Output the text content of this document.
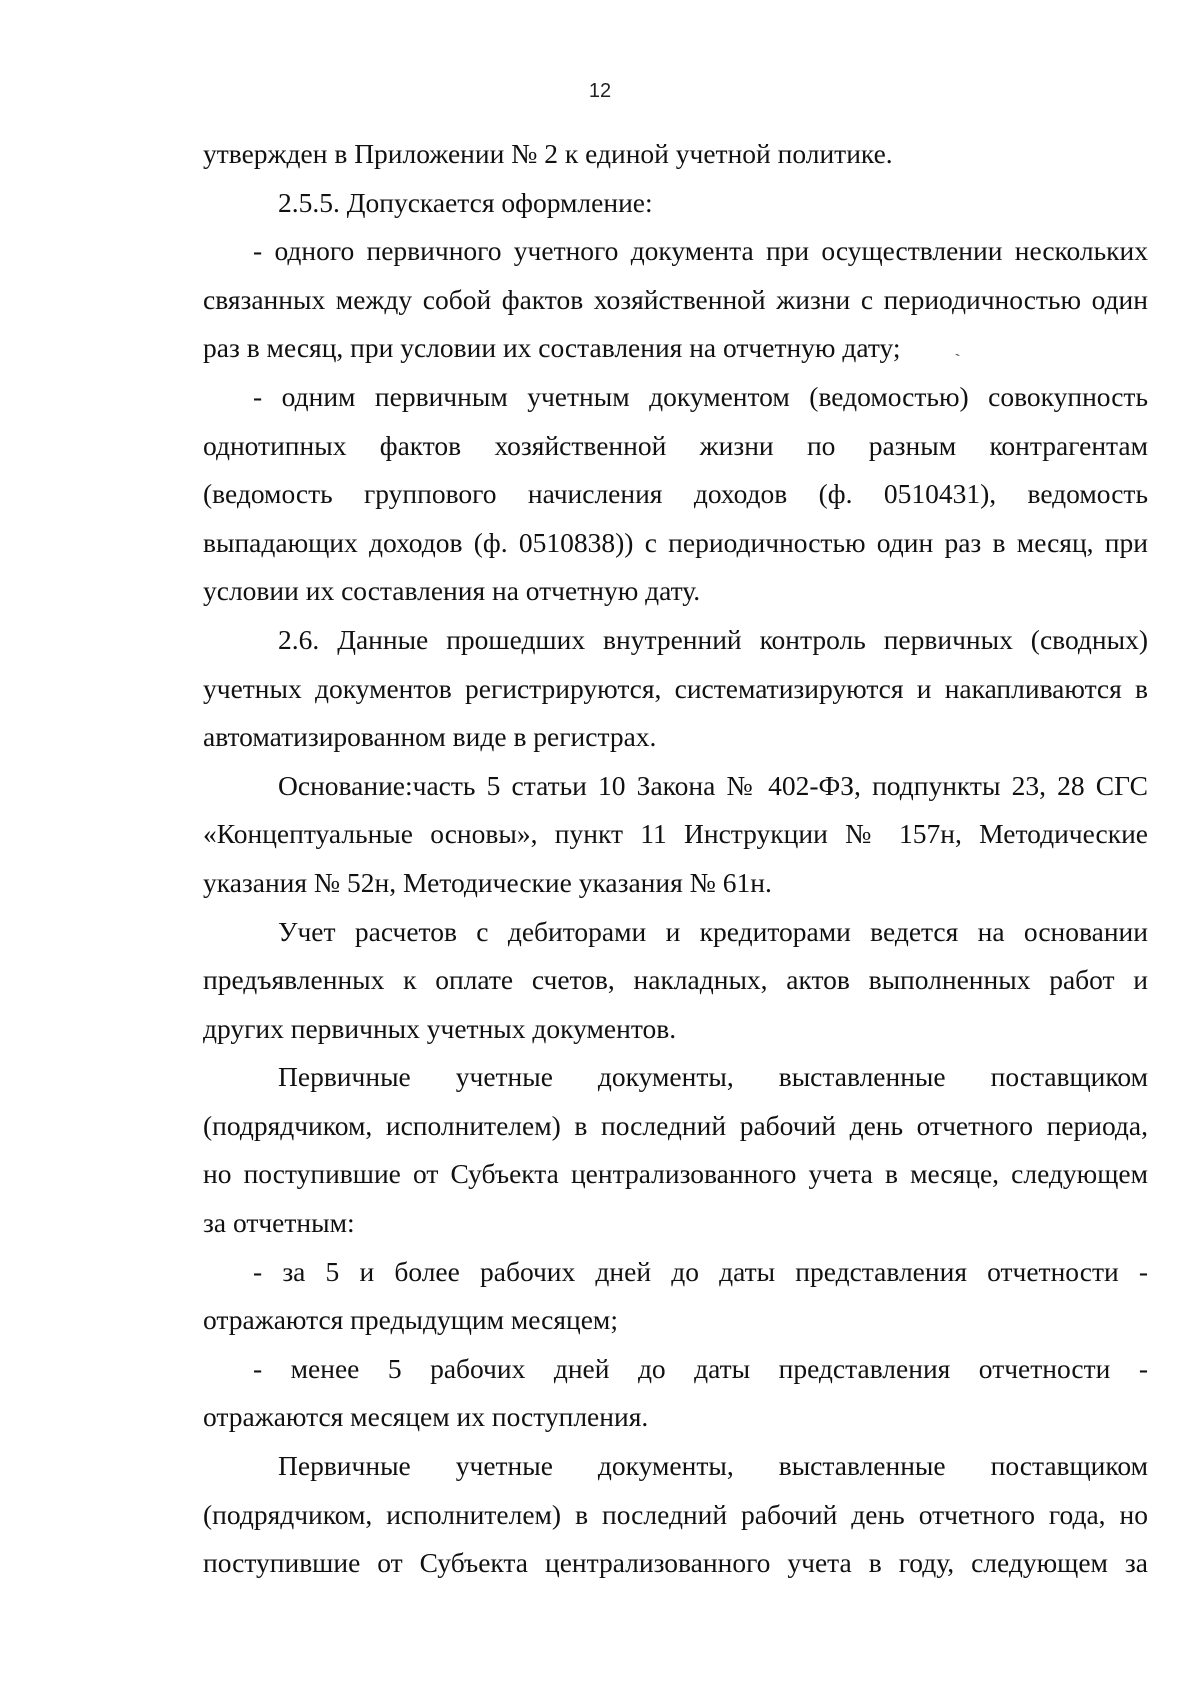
12
утвержден в Приложении № 2 к единой учетной политике.
2.5.5. Допускается оформление:
- одного первичного учетного документа при осуществлении нескольких
связанных между собой фактов хозяйственной жизни с периодичностью один
раз в месяц, при условии их составления на отчетную дату;
- одним первичным учетным документом (ведомостью) совокупность
однотипных фактов хозяйственной жизни по разным контрагентам
(ведомость группового начисления доходов (ф. 0510431), ведомость
выпадающих доходов (ф. 0510838)) с периодичностью один раз в месяц, при
условии их составления на отчетную дату.
2.6. Данные прошедших внутренний контроль первичных (сводных)
учетных документов регистрируются, систематизируются и накапливаются в
автоматизированном виде в регистрах.
Основание:часть 5 статьи 10 Закона № 402-ФЗ, подпункты 23, 28 СГС
«Концептуальные основы», пункт 11 Инструкции № 157н, Методические
указания № 52н, Методические указания № 61н.
Учет расчетов с дебиторами и кредиторами ведется на основании
предъявленных к оплате счетов, накладных, актов выполненных работ и
других первичных учетных документов.
Первичные учетные документы, выставленные поставщиком
(подрядчиком, исполнителем) в последний рабочий день отчетного периода,
но поступившие от Субъекта централизованного учета в месяце, следующем
за отчетным:
- за 5 и более рабочих дней до даты представления отчетности -
отражаются предыдущим месяцем;
- менее 5 рабочих дней до даты представления отчетности -
отражаются месяцем их поступления.
Первичные учетные документы, выставленные поставщиком
(подрядчиком, исполнителем) в последний рабочий день отчетного года, но
поступившие от Субъекта централизованного учета в году, следующем за
ˏ
